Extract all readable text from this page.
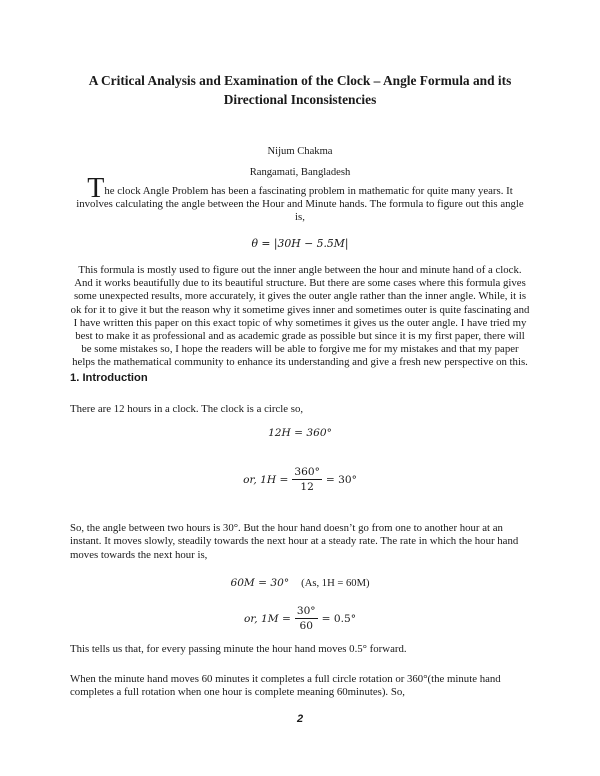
A Critical Analysis and Examination of the Clock – Angle Formula and its Directional Inconsistencies
Nijum Chakma
Rangamati, Bangladesh

The clock Angle Problem has been a fascinating problem in mathematic for quite many years. It involves calculating the angle between the Hour and Minute hands. The formula to figure out this angle is,

θ = |30H − 5.5M|

This formula is mostly used to figure out the inner angle between the hour and minute hand of a clock. And it works beautifully due to its beautiful structure. But there are some cases where this formula gives some unexpected results, more accurately, it gives the outer angle rather than the inner angle. While, it is ok for it to give it but the reason why it sometime gives inner and sometimes outer is quite fascinating and I have written this paper on this exact topic of why sometimes it gives us the outer angle. I have tried my best to make it as professional and as academic grade as possible but since it is my first paper, there will be some mistakes so, I hope the readers will be able to forgive me for my mistakes and that my paper helps the mathematical community to enhance its understanding and give a fresh new perspective on this.

1. Introduction

There are 12 hours in a clock. The clock is a circle so,

12H = 360°
or, $1H = \frac{360^\circ}{12} = 30^\circ$

So, the angle between two hours is 30°. But the hour hand doesn’t go from one to another hour at an instant. It moves slowly, steadily towards the next hour at a steady rate. The rate in which the hour hand moves towards the next hour is,

60M = 30° (As, 1H = 60M)
or, $1M = \frac{30^\circ}{60} = 0.5^\circ$

This tells us that, for every passing minute the hour hand moves 0.5° forward.

When the minute hand moves 60 minutes it completes a full circle rotation or 360°(the minute hand completes a full rotation when one hour is complete meaning 60minutes). So,

2
